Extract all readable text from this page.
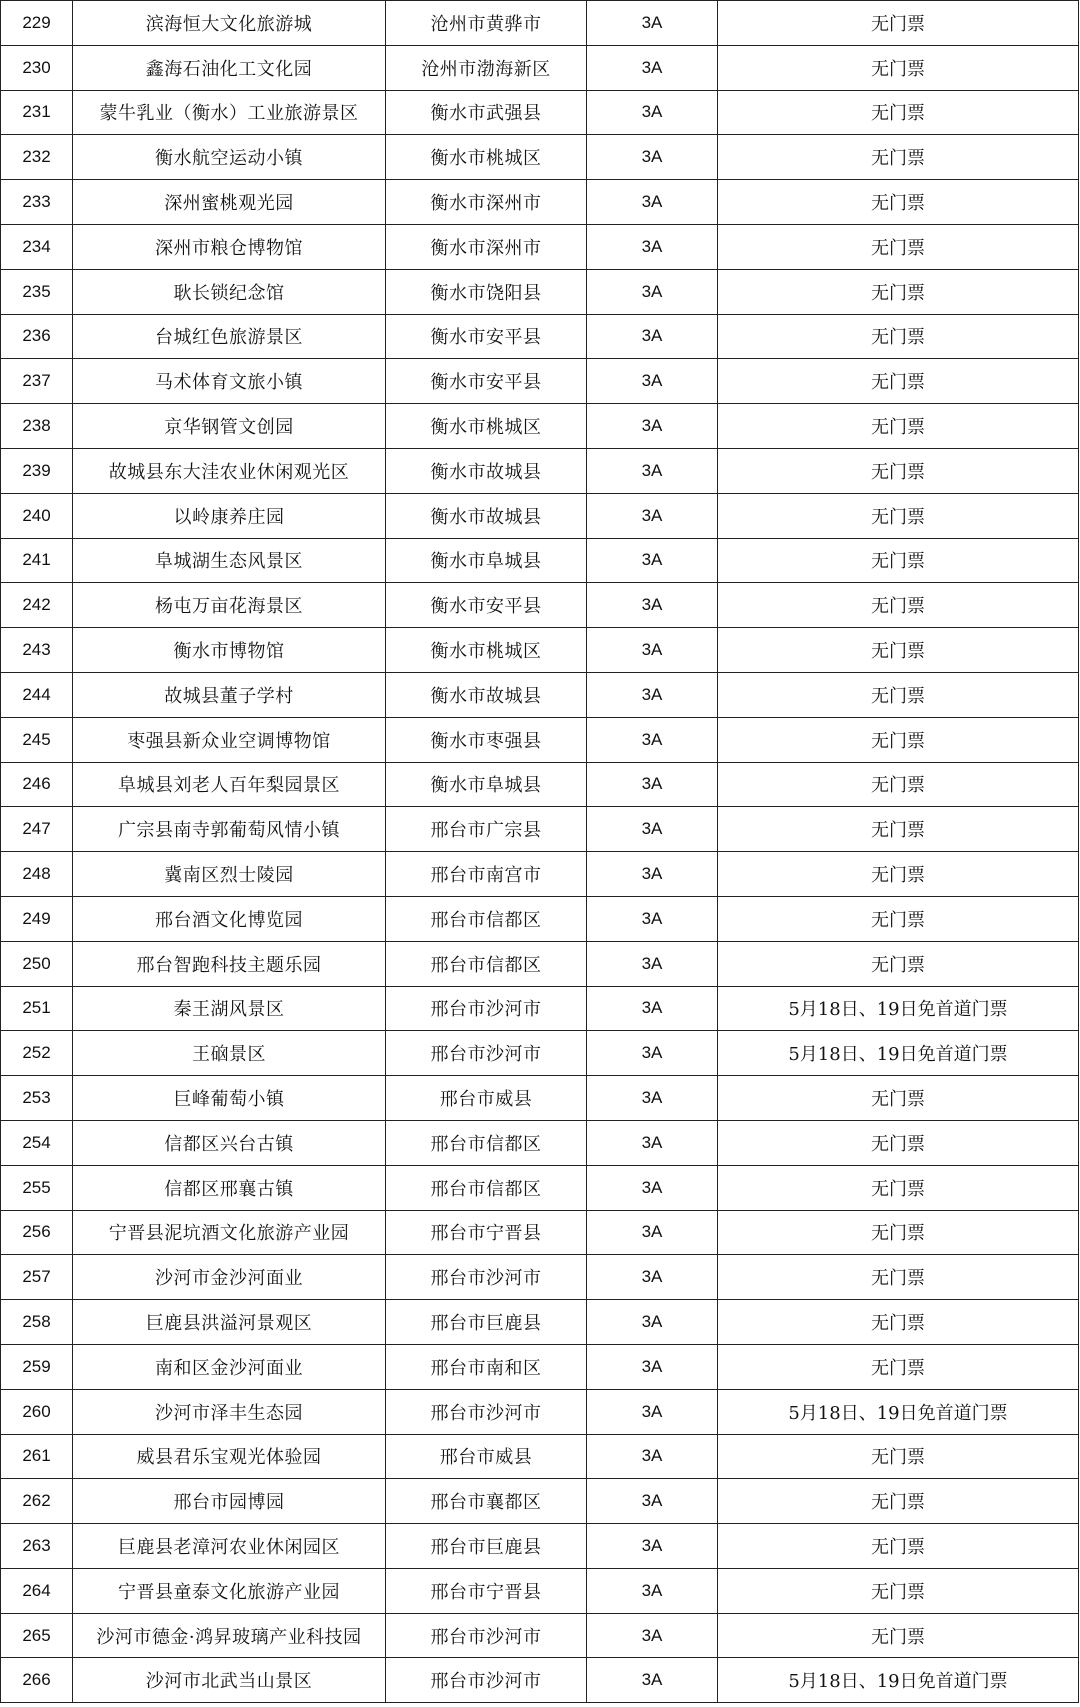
229	滨海恒大文化旅游城	沧州市黄骅市	3A	无门票
230	鑫海石油化工文化园	沧州市渤海新区	3A	无门票
231	蒙牛乳业（衡水）工业旅游景区	衡水市武强县	3A	无门票
232	衡水航空运动小镇	衡水市桃城区	3A	无门票
233	深州蜜桃观光园	衡水市深州市	3A	无门票
234	深州市粮仓博物馆	衡水市深州市	3A	无门票
235	耿长锁纪念馆	衡水市饶阳县	3A	无门票
236	台城红色旅游景区	衡水市安平县	3A	无门票
237	马术体育文旅小镇	衡水市安平县	3A	无门票
238	京华钢管文创园	衡水市桃城区	3A	无门票
239	故城县东大洼农业休闲观光区	衡水市故城县	3A	无门票
240	以岭康养庄园	衡水市故城县	3A	无门票
241	阜城湖生态风景区	衡水市阜城县	3A	无门票
242	杨屯万亩花海景区	衡水市安平县	3A	无门票
243	衡水市博物馆	衡水市桃城区	3A	无门票
244	故城县董子学村	衡水市故城县	3A	无门票
245	枣强县新众业空调博物馆	衡水市枣强县	3A	无门票
246	阜城县刘老人百年梨园景区	衡水市阜城县	3A	无门票
247	广宗县南寺郭葡萄风情小镇	邢台市广宗县	3A	无门票
248	冀南区烈士陵园	邢台市南宫市	3A	无门票
249	邢台酒文化博览园	邢台市信都区	3A	无门票
250	邢台智跑科技主题乐园	邢台市信都区	3A	无门票
251	秦王湖风景区	邢台市沙河市	3A	5月18日、19日免首道门票
252	王硇景区	邢台市沙河市	3A	5月18日、19日免首道门票
253	巨峰葡萄小镇	邢台市威县	3A	无门票
254	信都区兴台古镇	邢台市信都区	3A	无门票
255	信都区邢襄古镇	邢台市信都区	3A	无门票
256	宁晋县泥坑酒文化旅游产业园	邢台市宁晋县	3A	无门票
257	沙河市金沙河面业	邢台市沙河市	3A	无门票
258	巨鹿县洪溢河景观区	邢台市巨鹿县	3A	无门票
259	南和区金沙河面业	邢台市南和区	3A	无门票
260	沙河市泽丰生态园	邢台市沙河市	3A	5月18日、19日免首道门票
261	威县君乐宝观光体验园	邢台市威县	3A	无门票
262	邢台市园博园	邢台市襄都区	3A	无门票
263	巨鹿县老漳河农业休闲园区	邢台市巨鹿县	3A	无门票
264	宁晋县童泰文化旅游产业园	邢台市宁晋县	3A	无门票
265	沙河市德金·鸿昇玻璃产业科技园	邢台市沙河市	3A	无门票
266	沙河市北武当山景区	邢台市沙河市	3A	5月18日、19日免首道门票
